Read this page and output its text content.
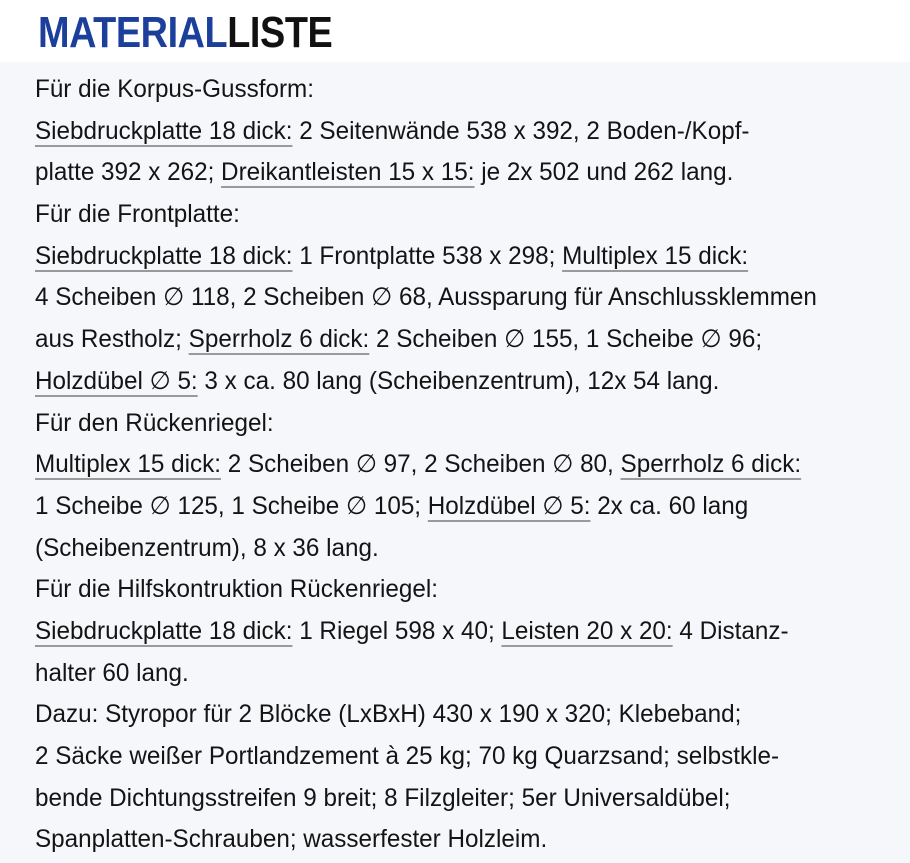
MATERIALLISTE
Für die Korpus-Gussform:
Siebdruckplatte 18 dick: 2 Seitenwände 538 x 392, 2 Boden-/Kopf-
platte 392 x 262; Dreikantleisten 15 x 15: je 2x 502 und 262 lang.
Für die Frontplatte:
Siebdruckplatte 18 dick: 1 Frontplatte 538 x 298; Multiplex 15 dick:
4 Scheiben ∅ 118, 2 Scheiben ∅ 68, Aussparung für Anschlussklemmen
aus Restholz; Sperrholz 6 dick: 2 Scheiben ∅ 155, 1 Scheibe ∅ 96;
Holzdübel ∅ 5: 3 x ca. 80 lang (Scheibenzentrum), 12x 54 lang.
Für den Rückenriegel:
Multiplex 15 dick: 2 Scheiben ∅ 97, 2 Scheiben ∅ 80, Sperrholz 6 dick:
1 Scheibe ∅ 125, 1 Scheibe ∅ 105; Holzdübel ∅ 5: 2x ca. 60 lang
(Scheibenzentrum), 8 x 36 lang.
Für die Hilfskontruktion Rückenriegel:
Siebdruckplatte 18 dick: 1 Riegel 598 x 40; Leisten 20 x 20: 4 Distanz-
halter 60 lang.
Dazu: Styropor für 2 Blöcke (LxBxH) 430 x 190 x 320; Klebeband;
2 Säcke weißer Portlandzement à 25 kg; 70 kg Quarzsand; selbstkle-
bende Dichtungsstreifen 9 breit; 8 Filzgleiter; 5er Universaldübel;
Spanplatten-Schrauben; wasserfester Holzleim.
